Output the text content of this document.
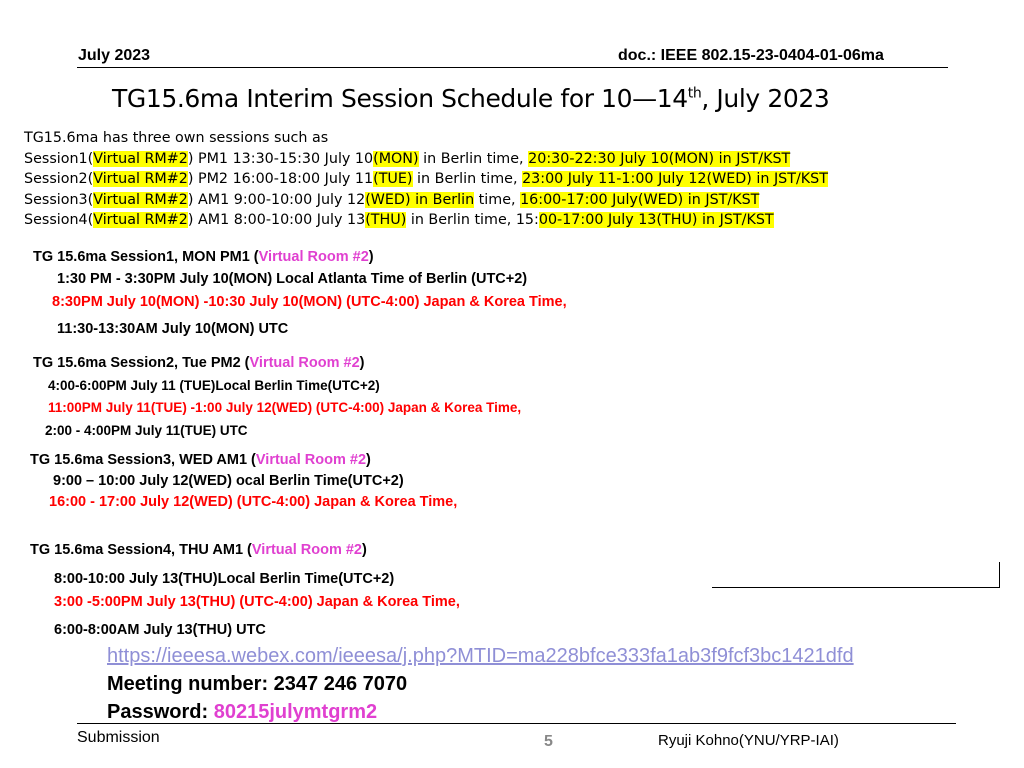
July 2023	doc.: IEEE 802.15-23-0404-01-06ma
TG15.6ma Interim Session Schedule for 10—14th, July 2023
TG15.6ma has three own sessions such as
Session1(Virtual RM#2) PM1 13:30-15:30 July 10(MON) in Berlin time, 20:30-22:30 July 10(MON) in JST/KST
Session2(Virtual RM#2) PM2 16:00-18:00 July 11(TUE) in Berlin time, 23:00 July 11-1:00 July 12(WED) in JST/KST
Session3(Virtual RM#2) AM1 9:00-10:00 July 12(WED) in Berlin time, 16:00-17:00 July(WED) in JST/KST
Session4(Virtual RM#2) AM1 8:00-10:00 July 13(THU) in Berlin time, 15:00-17:00 July 13(THU) in JST/KST
TG 15.6ma Session1, MON PM1 (Virtual Room #2)
1:30 PM - 3:30PM July 10(MON) Local Atlanta Time of Berlin (UTC+2)
8:30PM July 10(MON) -10:30 July 10(MON) (UTC-4:00) Japan & Korea Time,
11:30-13:30AM July 10(MON) UTC
TG 15.6ma Session2, Tue PM2 (Virtual Room #2)
4:00-6:00PM July 11 (TUE)Local Berlin Time(UTC+2)
11:00PM July 11(TUE) -1:00 July 12(WED) (UTC-4:00) Japan & Korea Time,
2:00 - 4:00PM July 11(TUE) UTC
TG 15.6ma Session3, WED AM1 (Virtual Room #2)
9:00 – 10:00 July 12(WED) ocal Berlin Time(UTC+2)
16:00 - 17:00 July 12(WED) (UTC-4:00) Japan & Korea Time,
TG 15.6ma Session4, THU AM1 (Virtual Room #2)
8:00-10:00 July 13(THU)Local Berlin Time(UTC+2)
3:00 -5:00PM July 13(THU) (UTC-4:00) Japan & Korea Time,
6:00-8:00AM July 13(THU) UTC
https://ieeesa.webex.com/ieeesa/j.php?MTID=ma228bfce333fa1ab3f9fcf3bc1421dfd
Meeting number: 2347 246 7070
Password: 80215julymtgrm2
Submission	5	Ryuji Kohno(YNU/YRP-IAI)
